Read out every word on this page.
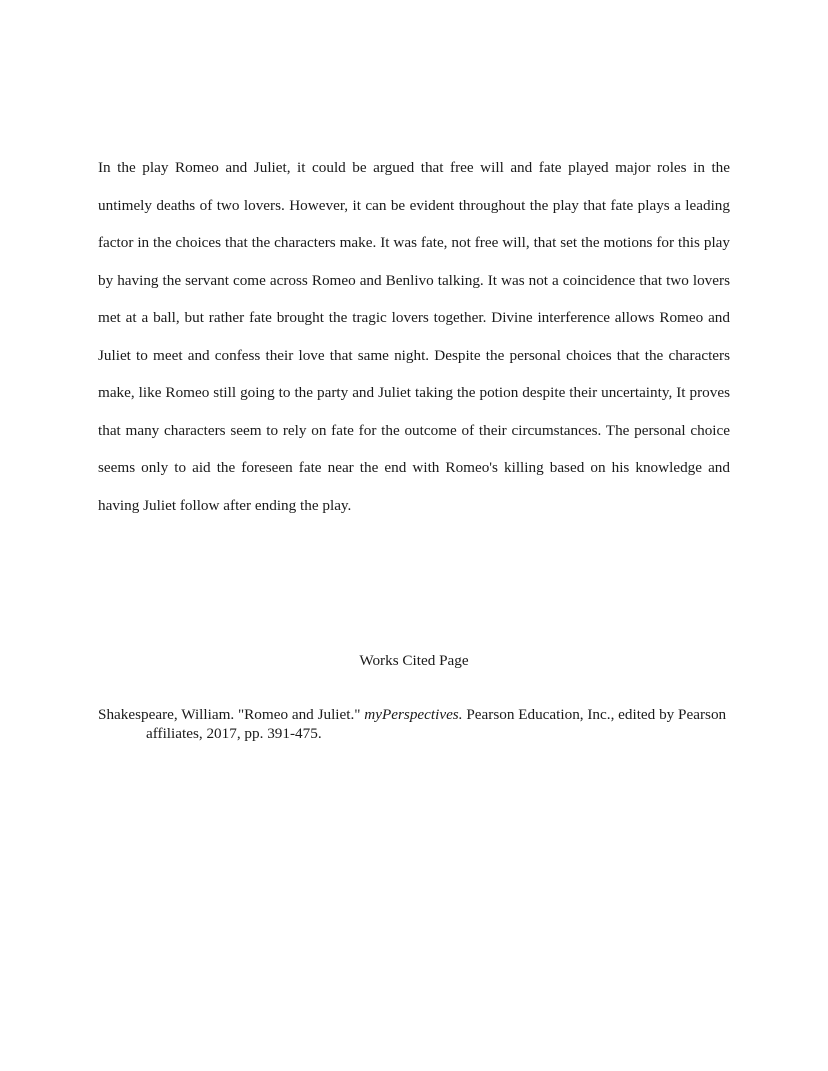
In the play Romeo and Juliet, it could be argued that free will and fate played major roles in the untimely deaths of two lovers. However, it can be evident throughout the play that fate plays a leading factor in the choices that the characters make. It was fate, not free will, that set the motions for this play by having the servant come across Romeo and Benlivo talking. It was not a coincidence that two lovers met at a ball, but rather fate brought the tragic lovers together. Divine interference allows Romeo and Juliet to meet and confess their love that same night. Despite the personal choices that the characters make, like Romeo still going to the party and Juliet taking the potion despite their uncertainty, It proves that many characters seem to rely on fate for the outcome of their circumstances. The personal choice seems only to aid the foreseen fate near the end with Romeo's killing based on his knowledge and having Juliet follow after ending the play.

Works Cited Page

Shakespeare, William. "Romeo and Juliet." myPerspectives. Pearson Education, Inc., edited by Pearson affiliates, 2017, pp. 391-475.
